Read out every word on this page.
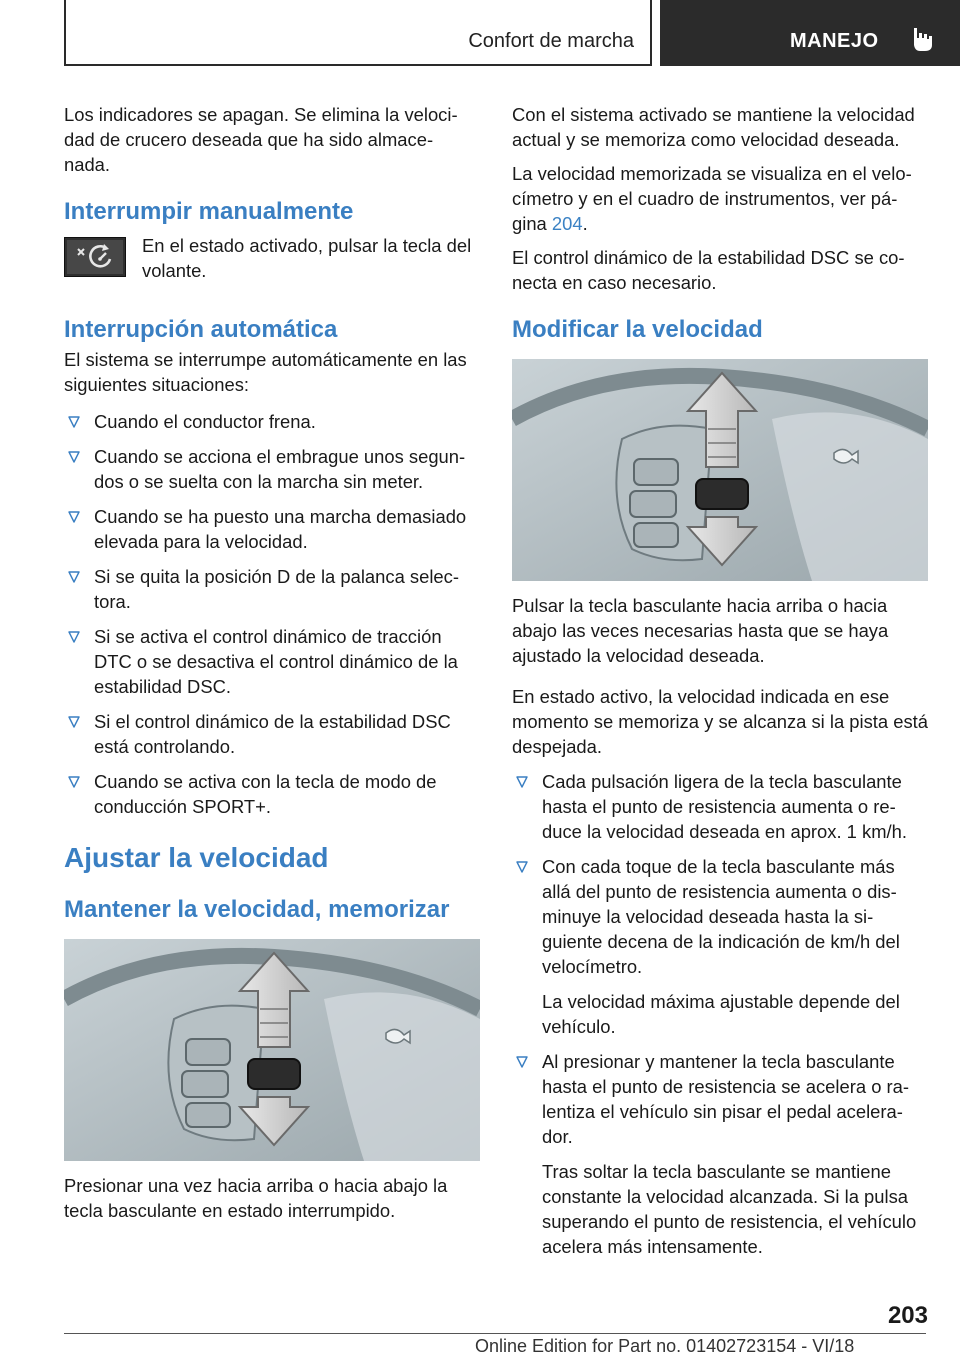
Confort de marcha	MANEJO

Los indicadores se apagan. Se elimina la veloci‐ dad de crucero deseada que ha sido almace‐ nada.

Interrumpir manualmente
En el estado activado, pulsar la tecla del volante.
Interrupción automática

El sistema se interrumpe automáticamente en las siguientes situaciones:

Cuando el conductor frena.
Cuando se acciona el embrague unos segun‐ dos o se suelta con la marcha sin meter.
Cuando se ha puesto una marcha demasiado elevada para la velocidad.
Si se quita la posición D de la palanca selec‐ tora.
Si se activa el control dinámico de tracción DTC o se desactiva el control dinámico de la estabilidad DSC.
Si el control dinámico de la estabilidad DSC está controlando.
Cuando se activa con la tecla de modo de conducción SPORT+.
Ajustar la velocidad
Mantener la velocidad, memorizar

Presionar una vez hacia arriba o hacia abajo la tecla basculante en estado interrumpido.

Con el sistema activado se mantiene la velocidad actual y se memoriza como velocidad deseada.

La velocidad memorizada se visualiza en el velo‐ címetro y en el cuadro de instrumentos, ver pá‐ gina 204.

El control dinámico de la estabilidad DSC se co‐ necta en caso necesario.

Modificar la velocidad

Pulsar la tecla basculante hacia arriba o hacia abajo las veces necesarias hasta que se haya ajustado la velocidad deseada.

En estado activo, la velocidad indicada en ese momento se memoriza y se alcanza si la pista está despejada.

Cada pulsación ligera de la tecla basculante hasta el punto de resistencia aumenta o re‐ duce la velocidad deseada en aprox. 1 km/h.
Con cada toque de la tecla basculante más allá del punto de resistencia aumenta o dis‐ minuye la velocidad deseada hasta la si‐ guiente decena de la indicación de km/h del velocímetro.
La velocidad máxima ajustable depende del vehículo.
Al presionar y mantener la tecla basculante hasta el punto de resistencia se acelera o ra‐ lentiza el vehículo sin pisar el pedal acelera‐ dor.
Tras soltar la tecla basculante se mantiene constante la velocidad alcanzada. Si la pulsa superando el punto de resistencia, el vehículo acelera más intensamente.
203
Online Edition for Part no. 01402723154 - VI/18
